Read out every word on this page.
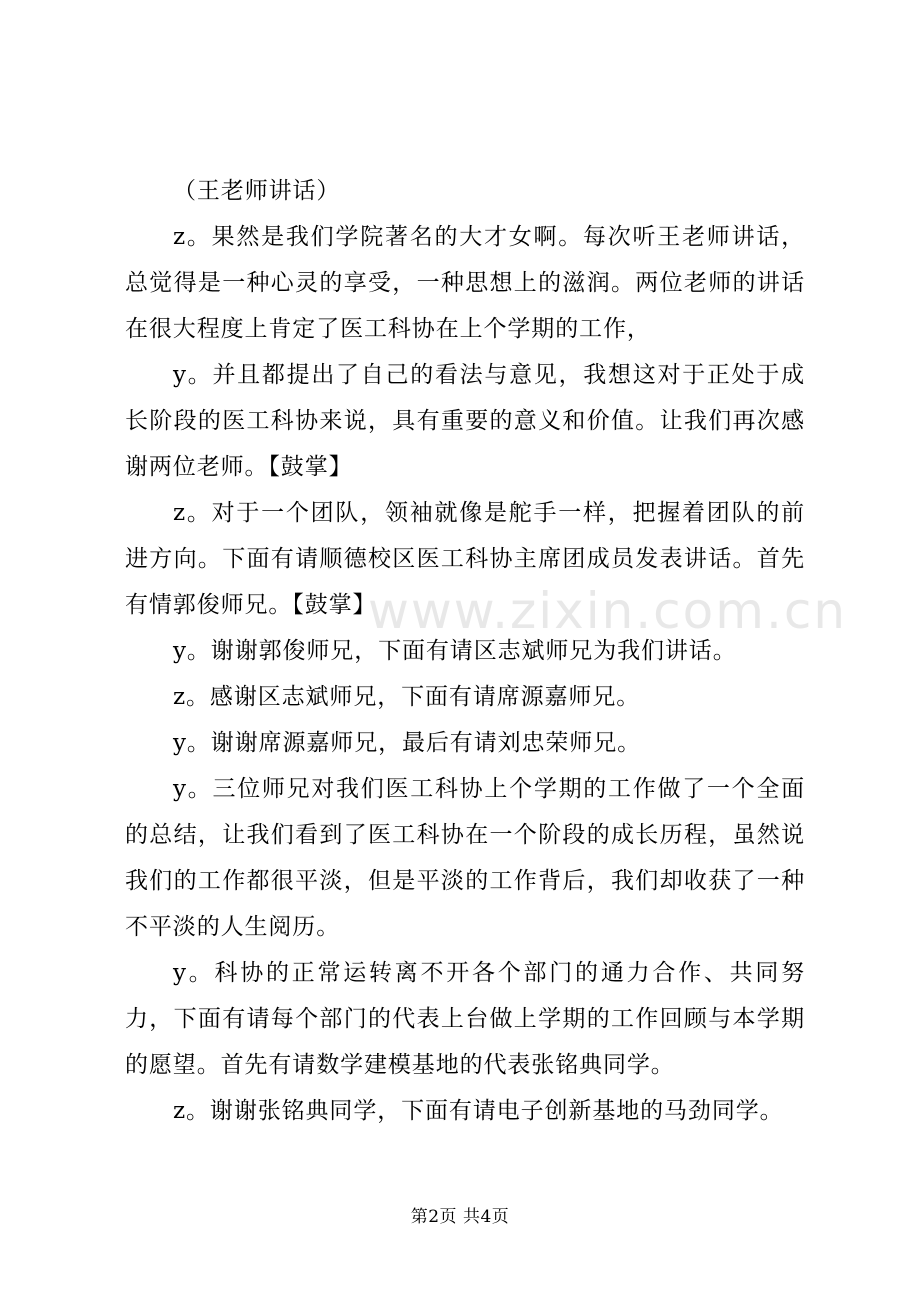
www.zixin.com.cn

（王老师讲话）

z。果然是我们学院著名的大才女啊。每次听王老师讲话，总觉得是一种心灵的享受，一种思想上的滋润。两位老师的讲话在很大程度上肯定了医工科协在上个学期的工作，

y。并且都提出了自己的看法与意见，我想这对于正处于成长阶段的医工科协来说，具有重要的意义和价值。让我们再次感谢两位老师。【鼓掌】

z。对于一个团队，领袖就像是舵手一样，把握着团队的前进方向。下面有请顺德校区医工科协主席团成员发表讲话。首先有情郭俊师兄。【鼓掌】

y。谢谢郭俊师兄，下面有请区志斌师兄为我们讲话。

z。感谢区志斌师兄，下面有请席源嘉师兄。

y。谢谢席源嘉师兄，最后有请刘忠荣师兄。

y。三位师兄对我们医工科协上个学期的工作做了一个全面的总结，让我们看到了医工科协在一个阶段的成长历程，虽然说我们的工作都很平淡，但是平淡的工作背后，我们却收获了一种不平淡的人生阅历。

y。科协的正常运转离不开各个部门的通力合作、共同努力，下面有请每个部门的代表上台做上学期的工作回顾与本学期的愿望。首先有请数学建模基地的代表张铭典同学。

z。谢谢张铭典同学，下面有请电子创新基地的马劲同学。

第2页 共4页
